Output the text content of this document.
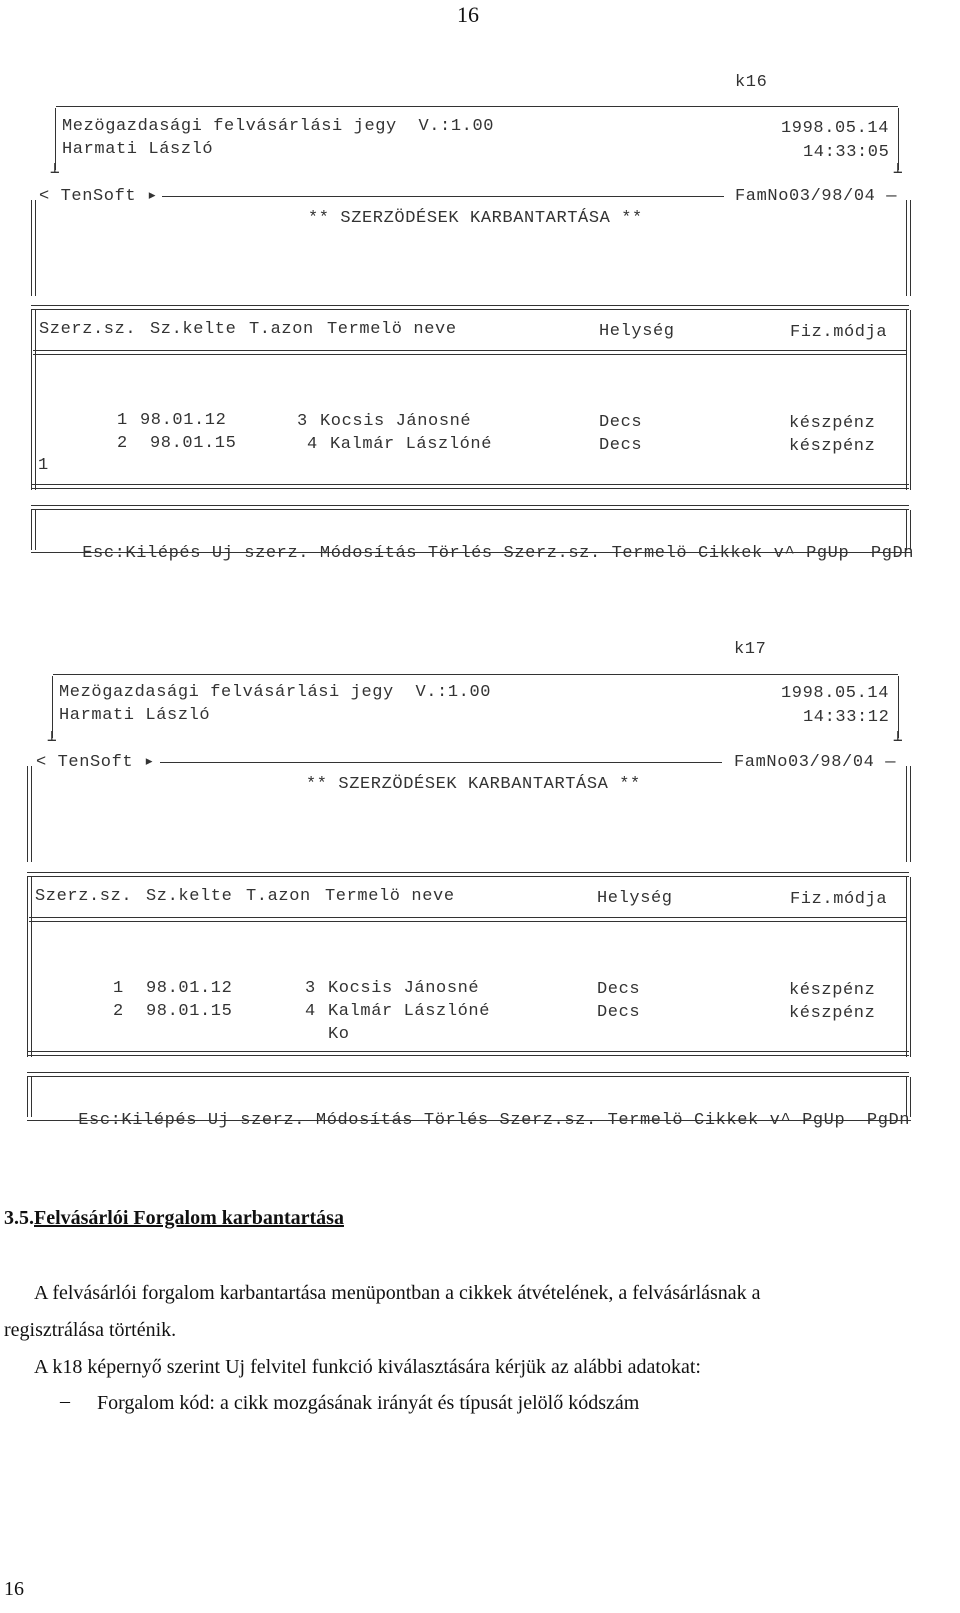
16
k16
⊥	⊥
Mezögazdasági felvásárlási jegy  V.:1.00	1998.05.14
Harmati László	14:33:05
< TenSoft ▸	FamNo03/98/04 —
** SZERZÖDÉSEK KARBANTARTÁSA **
Szerz.sz. Sz.kelte T.azon Termelö neve	Helység	Fiz.módja
1 98.01.12	3 Kocsis Jánosné	Decs	készpénz
2 98.01.15	4 Kalmár Lászlóné	Decs	készpénz
1

Esc:Kilépés Uj szerz. Módosítás Törlés Szerz.sz. Termelö Cikkek v^ PgUp PgDn

k17
⊥	⊥
Mezögazdasági felvásárlási jegy  V.:1.00	1998.05.14
Harmati László	14:33:12
< TenSoft ▸	FamNo03/98/04 —
** SZERZÖDÉSEK KARBANTARTÁSA **
Szerz.sz. Sz.kelte T.azon Termelö neve	Helység	Fiz.módja
1 98.01.12	3 Kocsis Jánosné	Decs	készpénz
2 98.01.15	4 Kalmár Lászlóné	Decs	készpénz
Ko

Esc:Kilépés Uj szerz. Módosítás Törlés Szerz.sz. Termelö Cikkek v^ PgUp PgDn

3.5.Felvásárlói Forgalom karbantartása
A felvásárlói forgalom karbantartása menüpontban a cikkek átvételének, a felvásárlásnak a
regisztrálása történik.
A k18 képernyő szerint Uj felvitel funkció kiválasztására kérjük az alábbi adatokat:
– Forgalom kód: a cikk mozgásának irányát és típusát jelölő kódszám
16
